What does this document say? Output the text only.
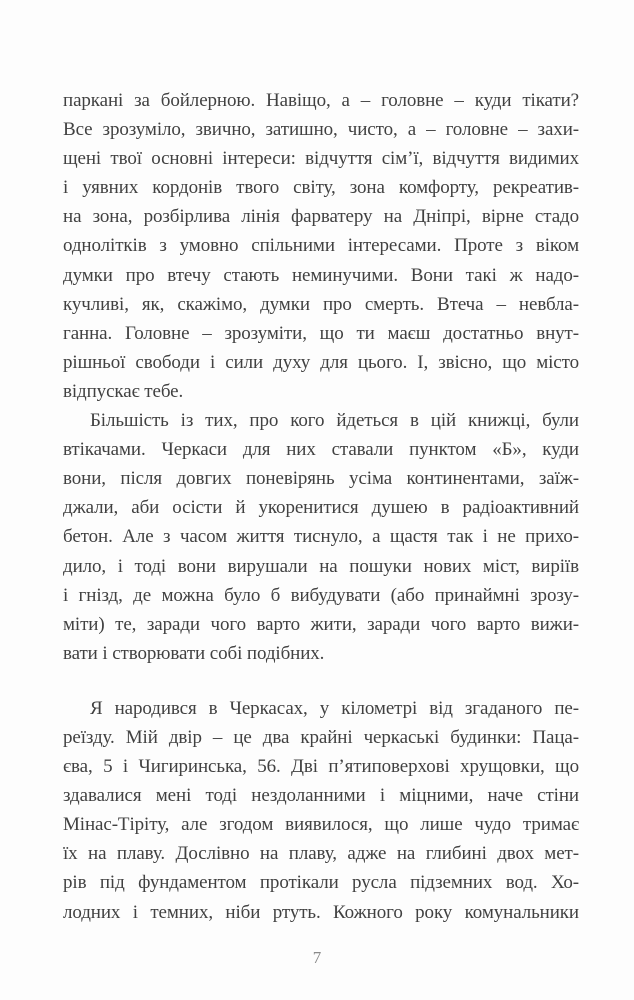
паркані за бойлерною. Навіщо, а – головне – куди тікати?
Все зрозуміло, звично, затишно, чисто, а – головне – захи-
щені твої основні інтереси: відчуття сім’ї, відчуття видимих
і уявних кордонів твого світу, зона комфорту, рекреатив-
на зона, розбірлива лінія фарватеру на Дніпрі, вірне стадо
однолітків з умовно спільними інтересами. Проте з віком
думки про втечу стають неминучими. Вони такі ж надо-
кучливі, як, скажімо, думки про смерть. Втеча – невбла-
ганна. Головне – зрозуміти, що ти маєш достатньо внут-
рішньої свободи і сили духу для цього. І, звісно, що місто
відпускає тебе.
Більшість із тих, про кого йдеться в цій книжці, були
втікачами. Черкаси для них ставали пунктом «Б», куди
вони, після довгих поневірянь усіма континентами, заїж-
джали, аби осісти й укоренитися душею в радіоактивний
бетон. Але з часом життя тиснуло, а щастя так і не прихо-
дило, і тоді вони вирушали на пошуки нових міст, виріїв
і гнізд, де можна було б вибудувати (або принаймні зрозу-
міти) те, заради чого варто жити, заради чого варто вижи-
вати і створювати собі подібних.
Я народився в Черкасах, у кілометрі від згаданого пе-
реїзду. Мій двір – це два крайні черкаські будинки: Паца-
єва, 5 і Чигиринська, 56. Дві п’ятиповерхові хрущовки, що
здавалися мені тоді нездоланними і міцними, наче стіни
Мінас-Тіріту, але згодом виявилося, що лише чудо тримає
їх на плаву. Дослівно на плаву, адже на глибині двох мет-
рів під фундаментом протікали русла підземних вод. Хо-
лодних і темних, ніби ртуть. Кожного року комунальники
7
